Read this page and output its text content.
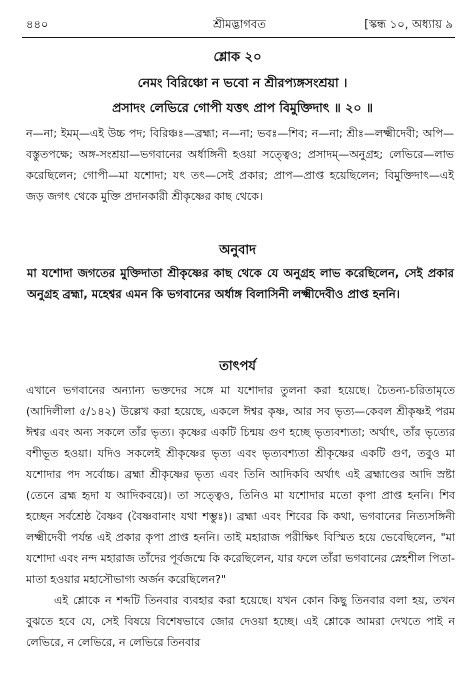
৪৪০	শ্রীমদ্ভাগবত	[স্কন্ধ ১০, অধ্যায় ৯
শ্লোক ২০
নেমং বিরিঞ্চো ন ভবো ন শ্রীরপ্যঙ্গসংশ্রয়া ।
প্রসাদং লেভিরে গোপী যত্তৎ প্রাপ বিমুক্তিদাৎ ॥ ২০ ॥
ন—না; ইমম্—এই উচ্চ পদ; বিরিঞ্চঃ—ব্রহ্মা; ন—না; ভবঃ—শিব; ন—না; শ্রীঃ—লক্ষ্মীদেবী; অপি—বস্তুতপক্ষে; অঙ্গ-সংশ্রয়া—ভগবানের অর্ধাঙ্গিনী হওয়া সত্ত্বেও; প্রসাদম্—অনুগ্রহ; লেভিরে—লাভ করেছিলেন; গোপী—মা যশোদা; যৎ তৎ—সেই প্রকার; প্রাপ—প্রাপ্ত হয়েছিলেন; বিমুক্তিদাৎ—এই জড় জগৎ থেকে মুক্তি প্রদানকারী শ্রীকৃষ্ণের কাছ থেকে।
অনুবাদ
মা যশোদা জগতের মুক্তিদাতা শ্রীকৃষ্ণের কাছ থেকে যে অনুগ্রহ লাভ করেছিলেন, সেই প্রকার অনুগ্রহ ব্রহ্মা, মহেশ্বর এমন কি ভগবানের অর্ধাঙ্গ বিলাসিনী লক্ষ্মীদেবীও প্রাপ্ত হননি।
তাৎপর্য

এখানে ভগবানের অন্যান্য ভক্তদের সঙ্গে মা যশোদার তুলনা করা হয়েছে। চৈতন্য-চরিতামৃতে (আদিলীলা ৫/১৪২) উল্লেখ করা হয়েছে, একলে ঈশ্বর কৃষ্ণ, আর সব ভৃত্য—কেবল শ্রীকৃষ্ণই পরম ঈশ্বর এবং অন্য সকলে তাঁর ভৃত্য। কৃষ্ণের একটি চিন্ময় গুণ হচ্ছে ভৃত্যবশ্যতা; অর্থাৎ, তাঁর ভৃত্যের বশীভূত হওয়া। যদিও সকলেই শ্রীকৃষ্ণের ভৃত্য এবং ভৃত্যবশ্যতা শ্রীকৃষ্ণের একটি গুণ, তবুও মা যশোদার পদ সর্বোচ্চ। ব্রহ্মা শ্রীকৃষ্ণের ভৃত্য এবং তিনি আদিকবি অর্থাৎ এই ব্রহ্মাণ্ডের আদি স্রষ্টা (তেনে ব্রহ্ম হৃদা য আদিকবয়ে)। তা সত্ত্বেও, তিনিও মা যশোদার মতো কৃপা প্রাপ্ত হননি। শিব হচ্ছেন সর্বশ্রেষ্ঠ বৈষ্ণব (বৈষ্ণবানাং যথা শম্ভুঃ)। ব্রহ্মা এবং শিবের কি কথা, ভগবানের নিত্যসঙ্গিনী লক্ষ্মীদেবী পর্যন্ত এই প্রকার কৃপা প্রাপ্ত হননি। তাই মহারাজ পরীক্ষিৎ বিস্মিত হয়ে ভেবেছিলেন, "মা যশোদা এবং নন্দ মহারাজ তাঁদের পূর্বজন্মে কি করেছিলেন, যার ফলে তাঁরা ভগবানের স্নেহশীল পিতা-মাতা হওয়ার মহাসৌভাগ্য অর্জন করেছিলেন?"

এই শ্লোকে ন শব্দটি তিনবার ব্যবহার করা হয়েছে। যখন কোন কিছু তিনবার বলা হয়, তখন বুঝতে হবে যে, সেই বিষয়ে বিশেষভাবে জোর দেওয়া হচ্ছে। এই শ্লোকে আমরা দেখতে পাই ন লেভিরে, ন লেভিরে, ন লেভিরে তিনবার
